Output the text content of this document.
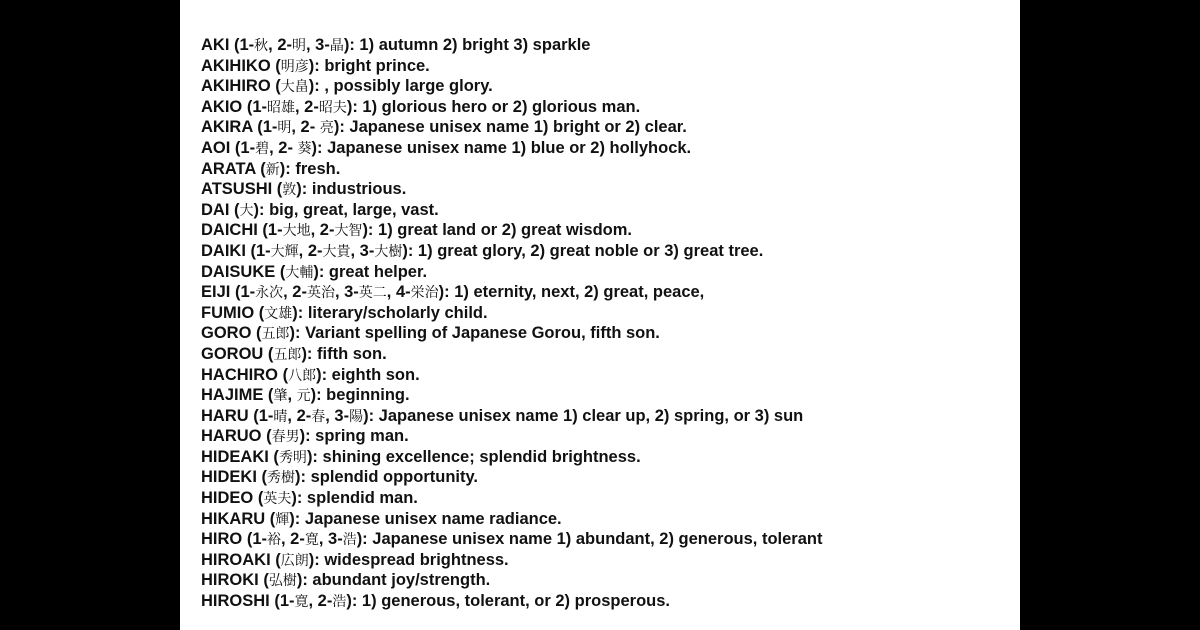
AKI (1-秋, 2-明, 3-晶): 1) autumn 2) bright 3) sparkle
AKIHIKO (明彦): bright prince.
AKIHIRO (大畠): , possibly large glory.
AKIO (1-昭雄, 2-昭夫): 1) glorious hero or 2) glorious man.
AKIRA (1-明, 2- 亮): Japanese unisex name 1) bright or 2) clear.
AOI (1-碧, 2- 葵): Japanese unisex name 1) blue or 2) hollyhock.
ARATA (新): fresh.
ATSUSHI (敦): industrious.
DAI (大): big, great, large, vast.
DAICHI (1-大地, 2-大智): 1) great land or 2) great wisdom.
DAIKI (1-大輝, 2-大貴, 3-大樹): 1) great glory, 2) great noble or 3) great tree.
DAISUKE (大輔): great helper.
EIJI (1-永次, 2-英治, 3-英二, 4-栄治): 1) eternity, next, 2) great, peace,
FUMIO (文雄): literary/scholarly child.
GORO (五郎): Variant spelling of Japanese Gorou, fifth son.
GOROU (五郎): fifth son.
HACHIRO (八郎): eighth son.
HAJIME (肇, 元): beginning.
HARU (1-晴, 2-春, 3-陽): Japanese unisex name 1) clear up, 2) spring, or 3) sun
HARUO (春男): spring man.
HIDEAKI (秀明): shining excellence; splendid brightness.
HIDEKI (秀樹): splendid opportunity.
HIDEO (英夫): splendid man.
HIKARU (輝): Japanese unisex name radiance.
HIRO (1-裕, 2-寛, 3-浩): Japanese unisex name 1) abundant, 2) generous, tolerant
HIROAKI (広朗): widespread brightness.
HIROKI (弘樹): abundant joy/strength.
HIROSHI (1-寛, 2-浩): 1) generous, tolerant, or 2) prosperous.
